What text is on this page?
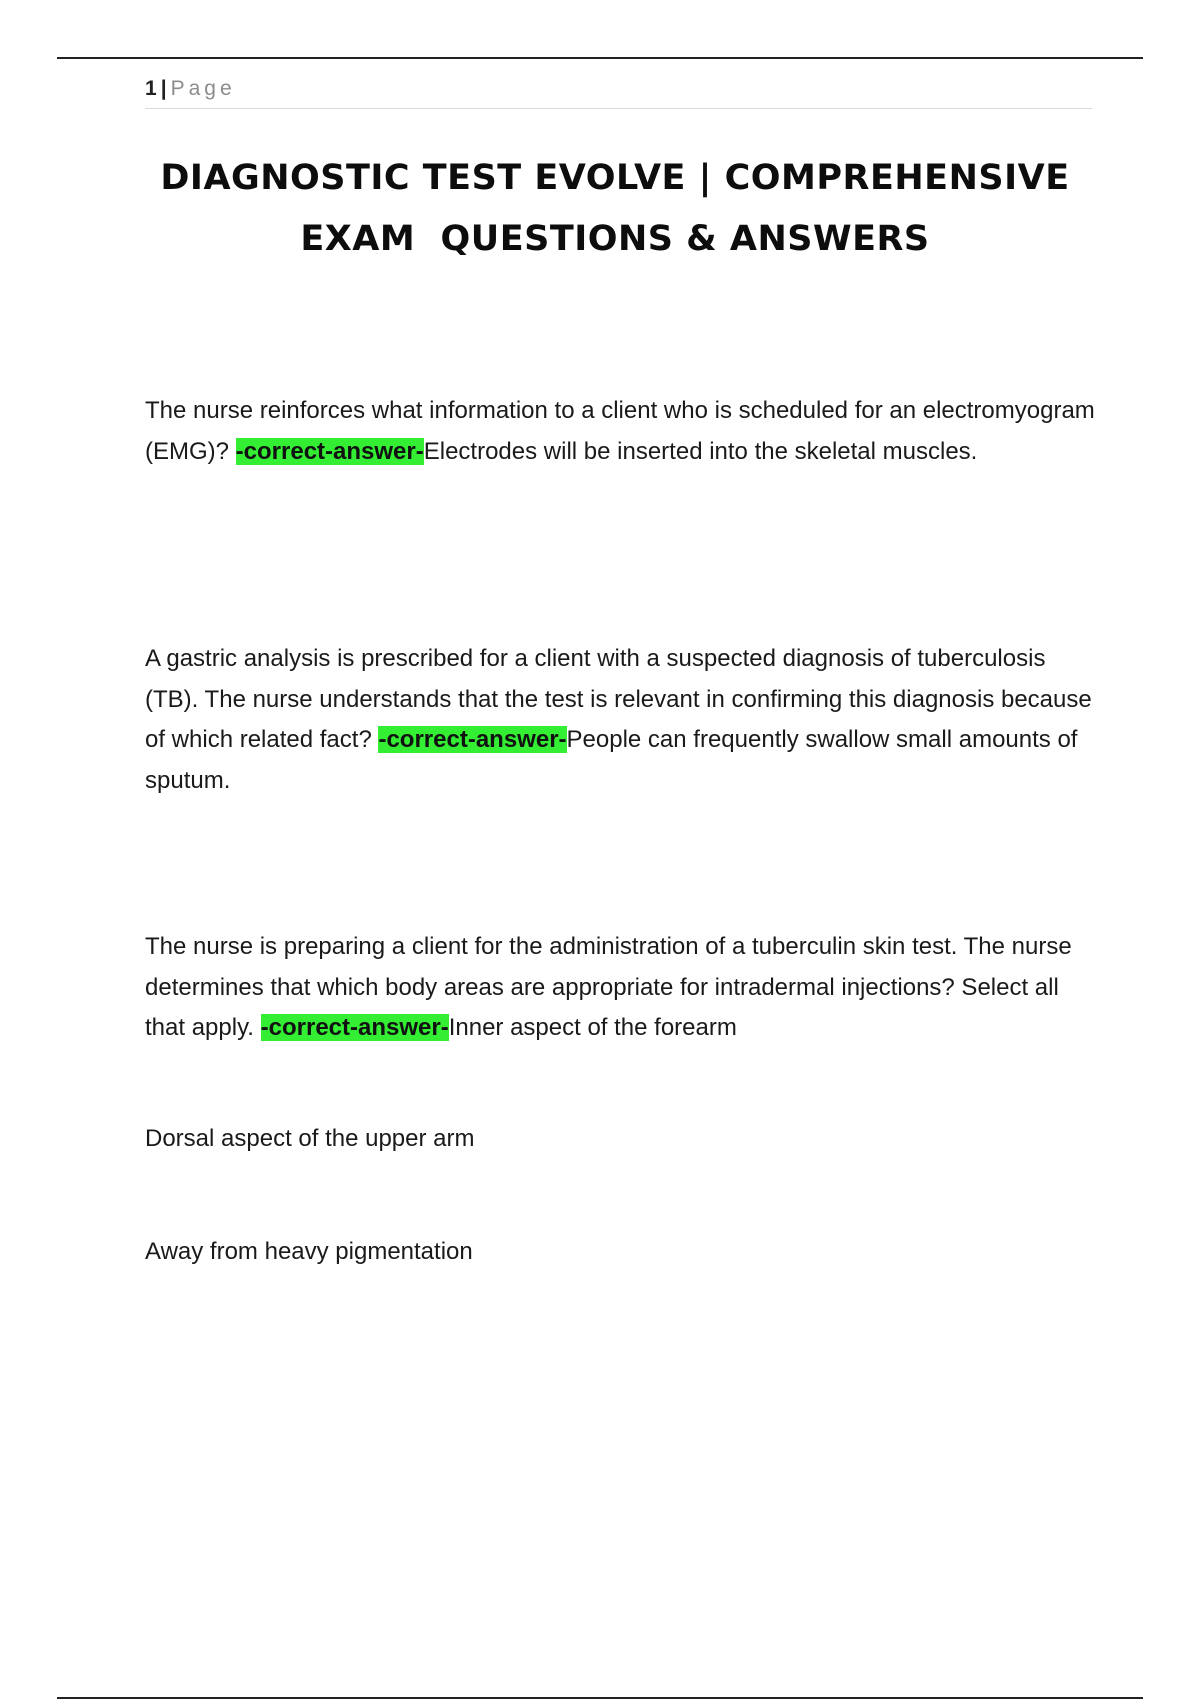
1 | Page
DIAGNOSTIC TEST EVOLVE | COMPREHENSIVE
EXAM  QUESTIONS & ANSWERS

The nurse reinforces what information to a client who is scheduled for an electromyogram (EMG)? -correct-answer-Electrodes will be inserted into the skeletal muscles.

A gastric analysis is prescribed for a client with a suspected diagnosis of tuberculosis (TB). The nurse understands that the test is relevant in confirming this diagnosis because of which related fact? -correct-answer-People can frequently swallow small amounts of sputum.

The nurse is preparing a client for the administration of a tuberculin skin test. The nurse determines that which body areas are appropriate for intradermal injections? Select all that apply. -correct-answer-Inner aspect of the forearm

Dorsal aspect of the upper arm

Away from heavy pigmentation
